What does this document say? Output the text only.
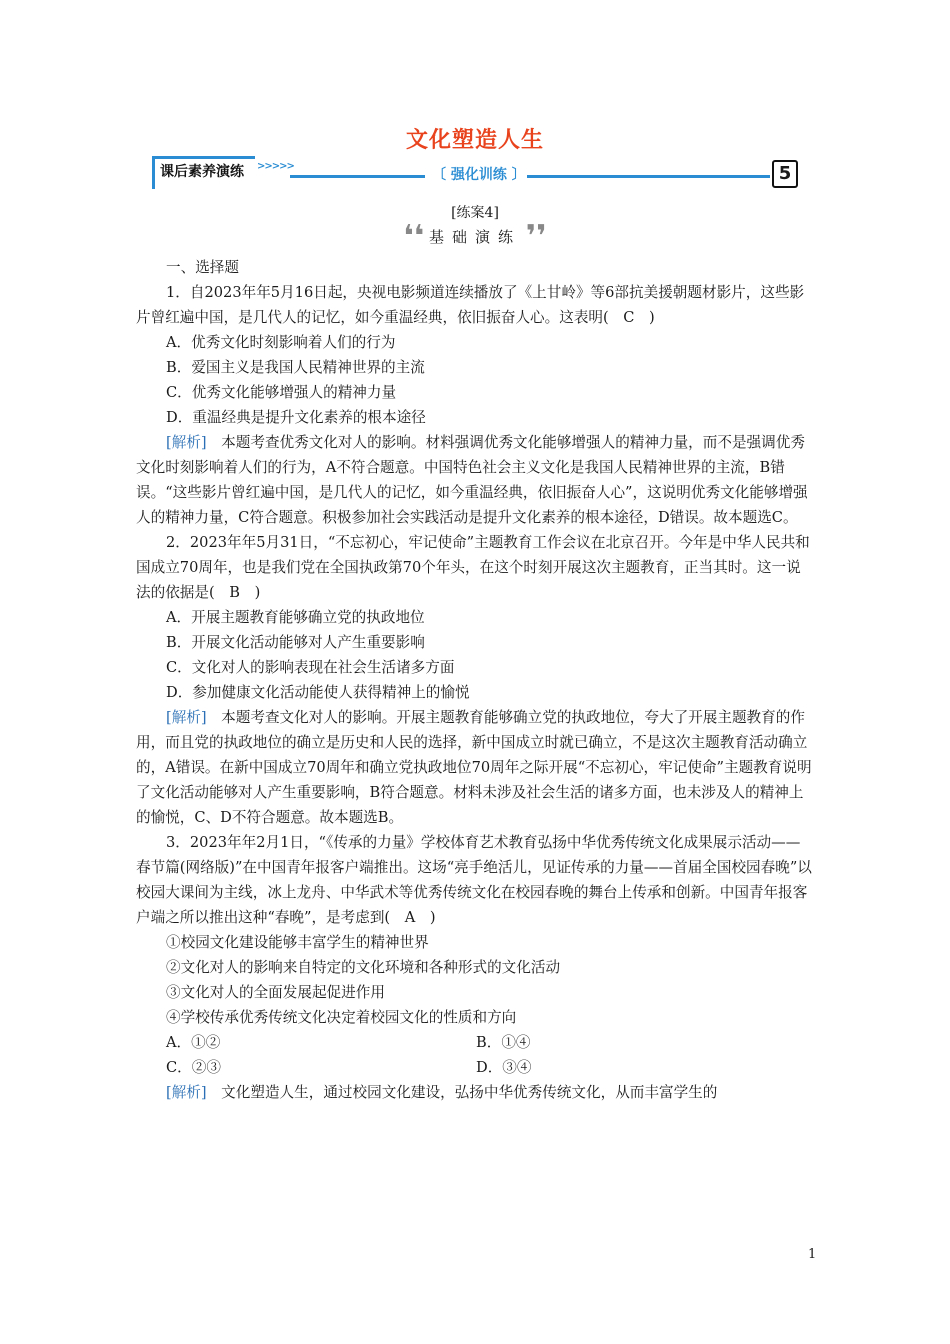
文化塑造人生
课后素养演练 >>>>>
〔 强化训练 〕	5
[练案4]
❛❛ 基础演练 ❜❜

一、选择题

1．自2023年年5月16日起，央视电影频道连续播放了《上甘岭》等6部抗美援朝题材影片，这些影片曾红遍中国，是几代人的记忆，如今重温经典，依旧振奋人心。这表明(　C　)

A．优秀文化时刻影响着人们的行为

B．爱国主义是我国人民精神世界的主流

C．优秀文化能够增强人的精神力量

D．重温经典是提升文化素养的根本途径

[解析]　本题考查优秀文化对人的影响。材料强调优秀文化能够增强人的精神力量，而不是强调优秀文化时刻影响着人们的行为，A不符合题意。中国特色社会主义文化是我国人民精神世界的主流，B错误。“这些影片曾红遍中国，是几代人的记忆，如今重温经典，依旧振奋人心”，这说明优秀文化能够增强人的精神力量，C符合题意。积极参加社会实践活动是提升文化素养的根本途径，D错误。故本题选C。

2．2023年年5月31日，“不忘初心，牢记使命”主题教育工作会议在北京召开。今年是中华人民共和国成立70周年，也是我们党在全国执政第70个年头，在这个时刻开展这次主题教育，正当其时。这一说法的依据是(　B　)

A．开展主题教育能够确立党的执政地位

B．开展文化活动能够对人产生重要影响

C．文化对人的影响表现在社会生活诸多方面

D．参加健康文化活动能使人获得精神上的愉悦

[解析]　本题考查文化对人的影响。开展主题教育能够确立党的执政地位，夸大了开展主题教育的作用，而且党的执政地位的确立是历史和人民的选择，新中国成立时就已确立，不是这次主题教育活动确立的，A错误。在新中国成立70周年和确立党执政地位70周年之际开展“不忘初心，牢记使命”主题教育说明了文化活动能够对人产生重要影响，B符合题意。材料未涉及社会生活的诸多方面，也未涉及人的精神上的愉悦，C、D不符合题意。故本题选B。

3．2023年年2月1日，“《传承的力量》学校体育艺术教育弘扬中华优秀传统文化成果展示活动——春节篇(网络版)”在中国青年报客户端推出。这场“亮手绝活儿，见证传承的力量——首届全国校园春晚”以校园大课间为主线，冰上龙舟、中华武术等优秀传统文化在校园春晚的舞台上传承和创新。中国青年报客户端之所以推出这种“春晚”，是考虑到(　A　)

①校园文化建设能够丰富学生的精神世界

②文化对人的影响来自特定的文化环境和各种形式的文化活动

③文化对人的全面发展起促进作用

④学校传承优秀传统文化决定着校园文化的性质和方向

A．①②	B．①④
C．②③	D．③④

[解析]　文化塑造人生，通过校园文化建设，弘扬中华优秀传统文化，从而丰富学生的

1
